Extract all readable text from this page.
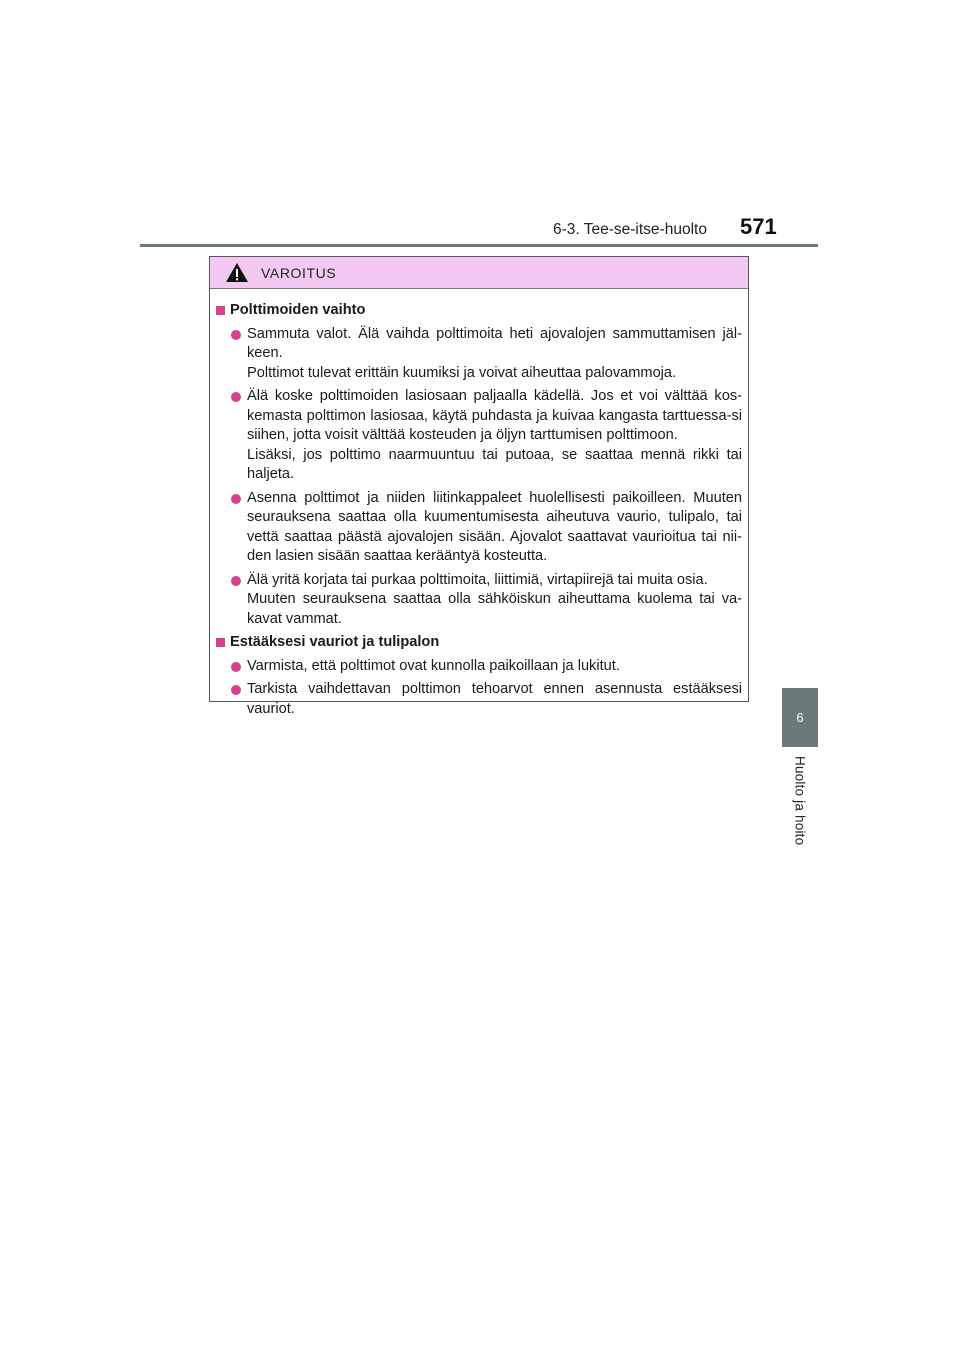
6-3. Tee-se-itse-huolto 571
6
Huolto ja hoito
VAROITUS
Polttimoiden vaihto

Sammuta valot. Älä vaihda polttimoita heti ajovalojen sammuttamisen jäl-keen.

Polttimot tulevat erittäin kuumiksi ja voivat aiheuttaa palovammoja.

Älä koske polttimoiden lasiosaan paljaalla kädellä. Jos et voi välttää kos-kemasta polttimon lasiosaa, käytä puhdasta ja kuivaa kangasta tarttuessa-si siihen, jotta voisit välttää kosteuden ja öljyn tarttumisen polttimoon.

Lisäksi, jos polttimo naarmuuntuu tai putoaa, se saattaa mennä rikki tai haljeta.

Asenna polttimot ja niiden liitinkappaleet huolellisesti paikoilleen. Muuten seurauksena saattaa olla kuumentumisesta aiheutuva vaurio, tulipalo, tai vettä saattaa päästä ajovalojen sisään. Ajovalot saattavat vaurioitua tai nii-den lasien sisään saattaa kerääntyä kosteutta.

Älä yritä korjata tai purkaa polttimoita, liittimiä, virtapiirejä tai muita osia.

Muuten seurauksena saattaa olla sähköiskun aiheuttama kuolema tai va-kavat vammat.

Estääksesi vauriot ja tulipalon

Varmista, että polttimot ovat kunnolla paikoillaan ja lukitut.

Tarkista vaihdettavan polttimon tehoarvot ennen asennusta estääksesi vauriot.
